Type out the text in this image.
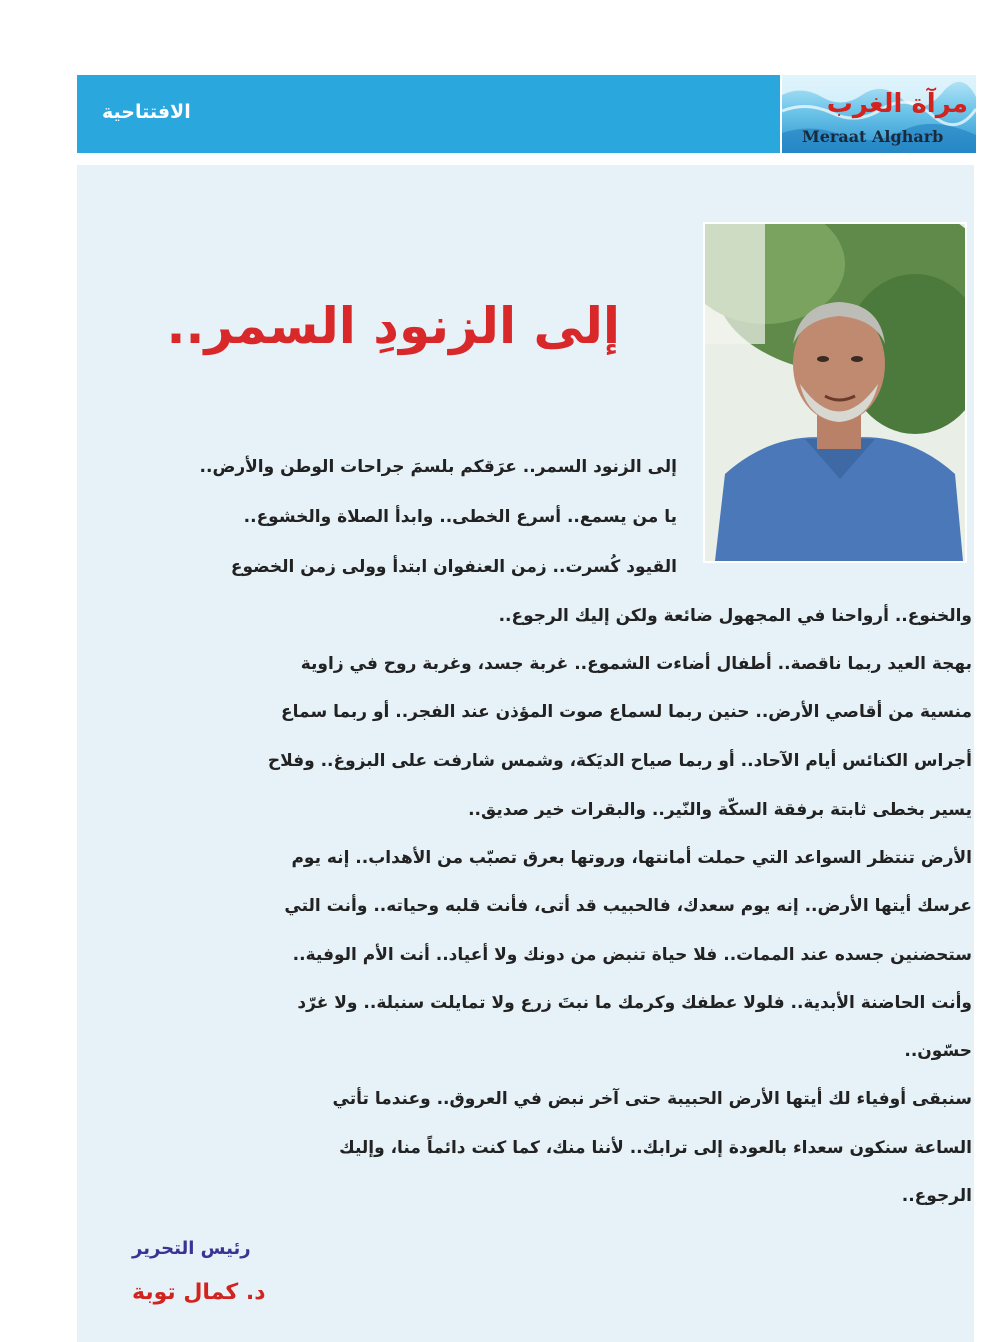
الافتتاحية	مرآة الغرب
Meraat Algharb
إلى الزنودِ السمر..
إلى الزنود السمر.. عرَقكم بلسمَ جراحات الوطن والأرض..
يا من يسمع.. أسرع الخطى.. وابدأ الصلاة والخشوع..
القيود كُسرت.. زمن العنفوان ابتدأ وولى زمن الخضوع
والخنوع.. أرواحنا في المجهول ضائعة ولكن إليك الرجوع..
بهجة العيد ربما ناقصة.. أطفال أضاءت الشموع.. غربة جسد، وغربة روح في زاوية
منسية من أقاصي الأرض.. حنين ربما لسماع صوت المؤذن عند الفجر.. أو ربما سماع
أجراس الكنائس أيام الآحاد.. أو ربما صياح الديَكة، وشمس شارفت على البزوغ.. وفلاح
يسير بخطى ثابتة برفقة السكّة والنّير.. والبقرات خير صديق..
الأرض تنتظر السواعد التي حملت أمانتها، وروتها بعرق تصبّب من الأهداب.. إنه يوم
عرسك أيتها الأرض.. إنه يوم سعدك، فالحبيب قد أتى، فأنت قلبه وحياته.. وأنت التي
ستحضنين جسده عند الممات.. فلا حياة تنبض من دونك ولا أعياد.. أنت الأم الوفية..
وأنت الحاضنة الأبدية.. فلولا عطفك وكرمك ما نبتَ زرع ولا تمايلت سنبلة.. ولا غرّد
حسّون..
سنبقى أوفياء لك أيتها الأرض الحبيبة حتى آخر نبض في العروق.. وعندما تأتي
الساعة سنكون سعداء بالعودة إلى ترابك.. لأننا منك، كما كنت دائماً منا، وإليك
الرجوع..
رئيس التحرير
د. كمال توبة
